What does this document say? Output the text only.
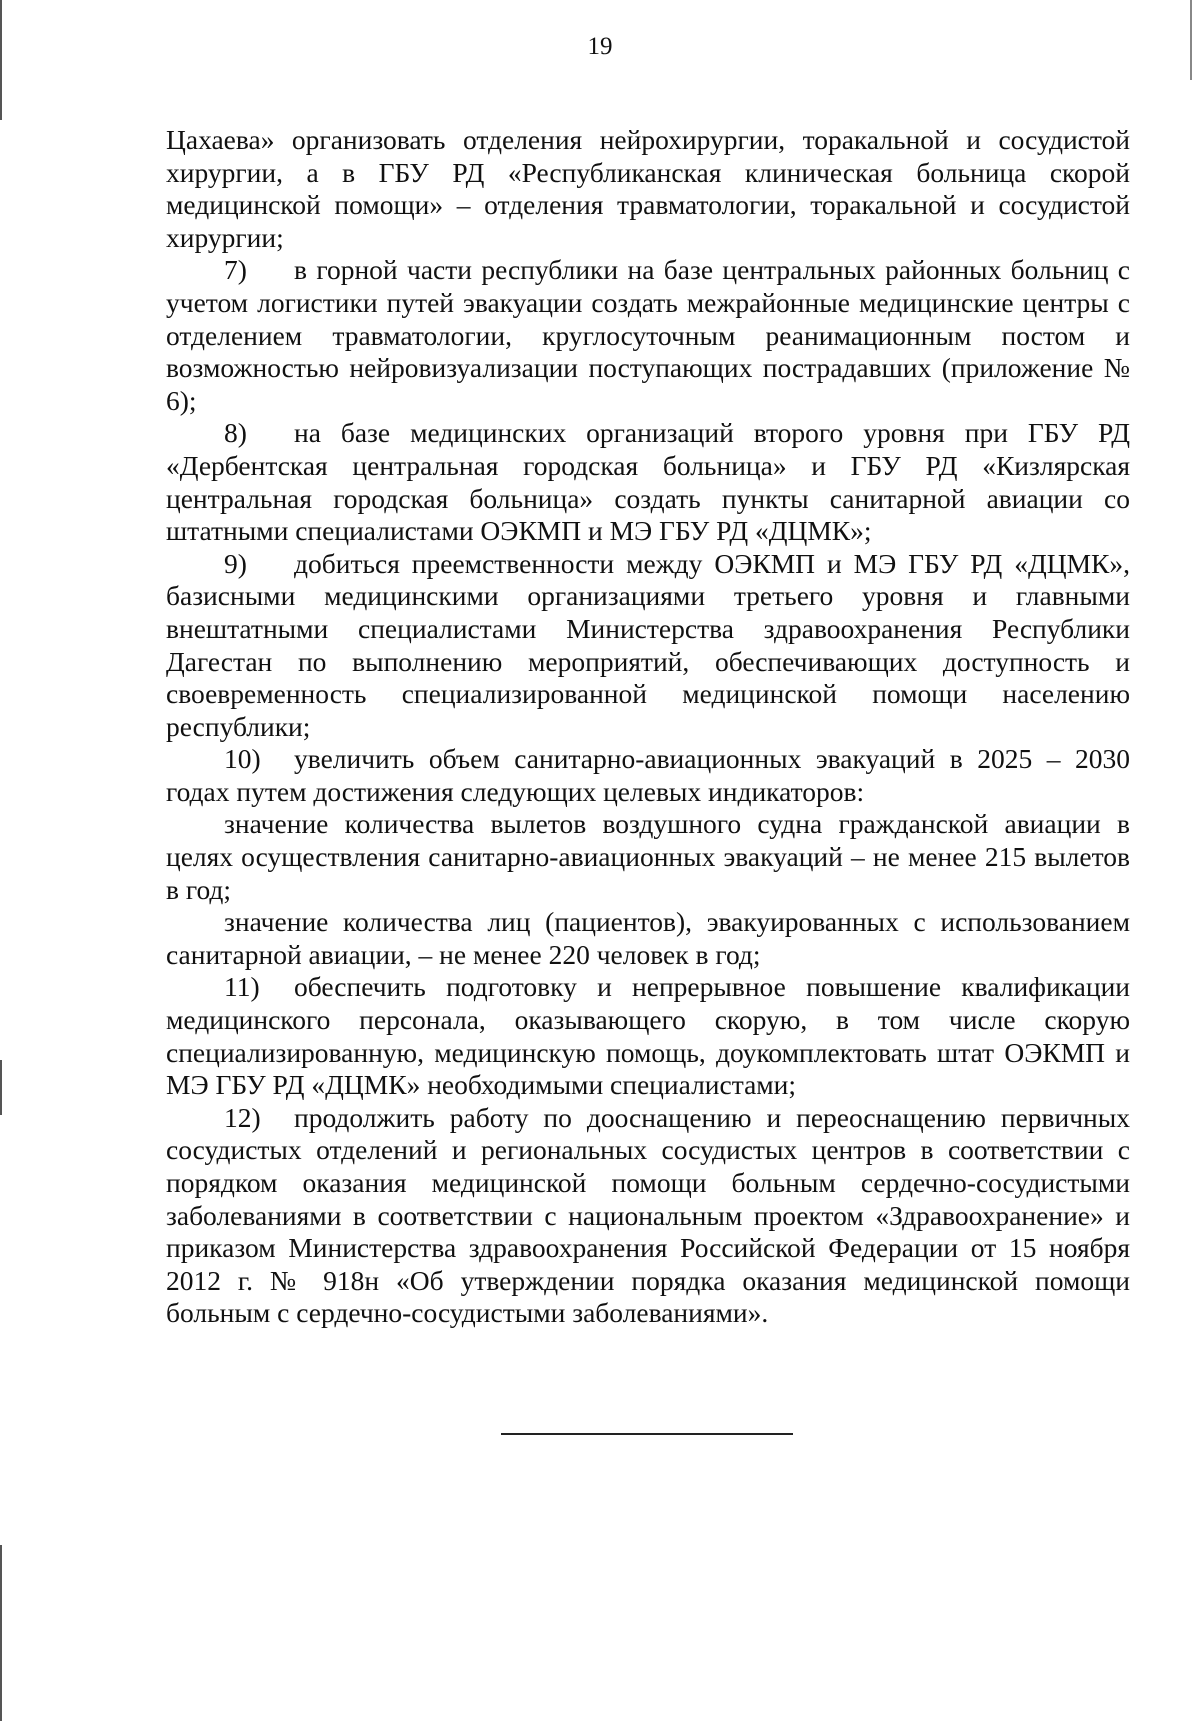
19

Цахаева» организовать отделения нейрохирургии, торакальной и сосудистой хирургии, а в ГБУ РД «Республиканская клиническая больница скорой медицинской помощи» – отделения травматологии, торакальной и сосудистой хирургии;

7) в горной части республики на базе центральных районных больниц с учетом логистики путей эвакуации создать межрайонные медицинские центры с отделением травматологии, круглосуточным реанимационным постом и возможностью нейровизуализации поступающих пострадавших (приложение № 6);

8) на базе медицинских организаций второго уровня при ГБУ РД «Дербентская центральная городская больница» и ГБУ РД «Кизлярская центральная городская больница» создать пункты санитарной авиации со штатными специалистами ОЭКМП и МЭ ГБУ РД «ДЦМК»;

9) добиться преемственности между ОЭКМП и МЭ ГБУ РД «ДЦМК», базисными медицинскими организациями третьего уровня и главными внештатными специалистами Министерства здравоохранения Республики Дагестан по выполнению мероприятий, обеспечивающих доступность и своевременность специализированной медицинской помощи населению республики;

10) увеличить объем санитарно-авиационных эвакуаций в 2025 – 2030 годах путем достижения следующих целевых индикаторов:

значение количества вылетов воздушного судна гражданской авиации в целях осуществления санитарно-авиационных эвакуаций – не менее 215 вылетов в год;

значение количества лиц (пациентов), эвакуированных с использованием санитарной авиации, – не менее 220 человек в год;

11) обеспечить подготовку и непрерывное повышение квалификации медицинского персонала, оказывающего скорую, в том числе скорую специализированную, медицинскую помощь, доукомплектовать штат ОЭКМП и МЭ ГБУ РД «ДЦМК» необходимыми специалистами;

12) продолжить работу по дооснащению и переоснащению первичных сосудистых отделений и региональных сосудистых центров в соответствии с порядком оказания медицинской помощи больным сердечно-сосудистыми заболеваниями в соответствии с национальным проектом «Здравоохранение» и приказом Министерства здравоохранения Российской Федерации от 15 ноября 2012 г. № 918н «Об утверждении порядка оказания медицинской помощи больным с сердечно-сосудистыми заболеваниями».
